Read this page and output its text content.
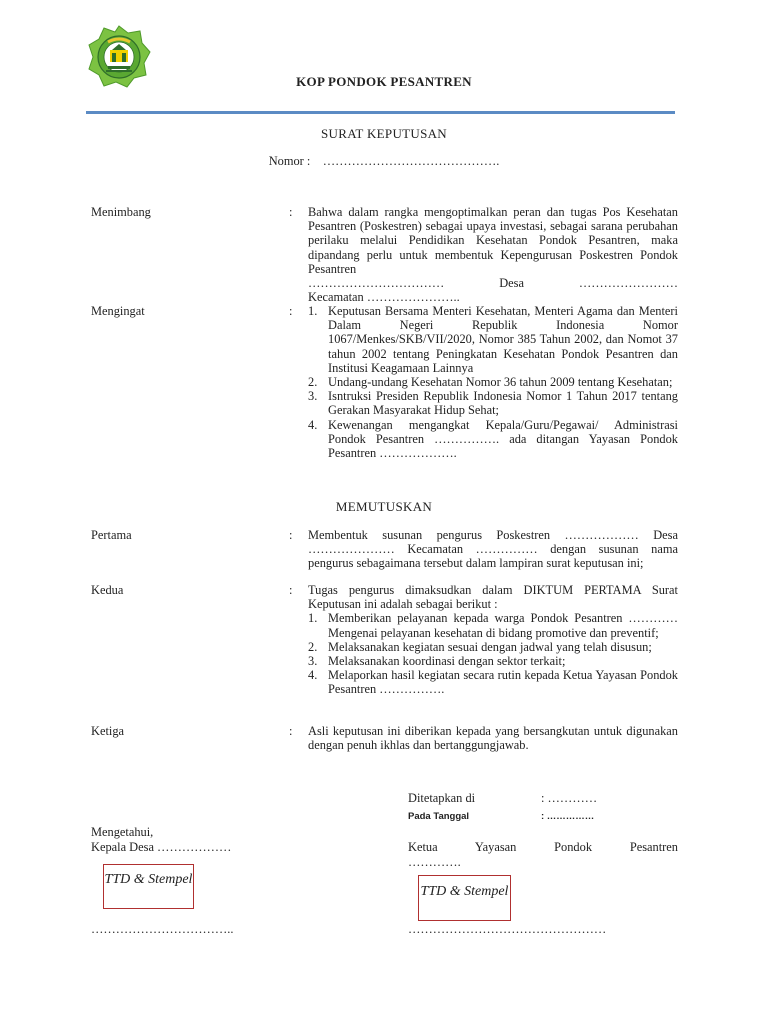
KOP PONDOK PESANTREN
SURAT KEPUTUSAN
Nomor : …………………………………….
Menimbang	: Bahwa dalam rangka mengoptimalkan peran dan tugas Pos Kesehatan Pesantren (Poskestren) sebagai upaya investasi, sebagai sarana perubahan perilaku melalui Pendidikan Kesehatan Pondok Pesantren, maka dipandang perlu untuk membentuk Kepengurusan Poskestren Pondok Pesantren

…………………………… Desa ……………………

Kecamatan …………………..

Mengingat	: 1. Keputusan Bersama Menteri Kesehatan, Menteri Agama dan Menteri Dalam Negeri Republik Indonesia Nomor 1067/Menkes/SKB/VII/2020, Nomor 385 Tahun 2002, dan Nomot 37 tahun 2002 tentang Peningkatan Kesehatan Pondok Pesantren dan Institusi Keagamaan Lainnya
2. Undang-undang Kesehatan Nomor 36 tahun 2009 tentang Kesehatan;
3. Isntruksi Presiden Republik Indonesia Nomor 1 Tahun 2017 tentang Gerakan Masyarakat Hidup Sehat;
4. Kewenangan mengangkat Kepala/Guru/Pegawai/ Administrasi Pondok Pesantren ……………. ada ditangan Yayasan Pondok Pesantren ……………….
MEMUTUSKAN
Pertama	: Membentuk susunan pengurus Poskestren ……………… Desa ………………… Kecamatan …………… dengan susunan nama pengurus sebagaimana tersebut dalam lampiran surat keputusan ini;
Kedua	: Tugas pengurus dimaksudkan dalam DIKTUM PERTAMA Surat Keputusan ini adalah sebagai berikut :

1. Memberikan pelayanan kepada warga Pondok Pesantren ………… Mengenai pelayanan kesehatan di bidang promotive dan preventif;
2. Melaksanakan kegiatan sesuai dengan jadwal yang telah disusun;
3. Melaksanakan koordinasi dengan sektor terkait;
4. Melaporkan hasil kegiatan secara rutin kepada Ketua Yayasan Pondok Pesantren …………….
Ketiga	: Asli keputusan ini diberikan kepada yang bersangkutan untuk digunakan dengan penuh ikhlas dan bertanggungjawab.
Ditetapkan di	: …………
Pada Tanggal	: ……………
Mengetahui,
Kepala Desa ………………	Ketua Yayasan Pondok Pesantren
………….
TTD & Stempel
TTD & Stempel
……………………………..	…………………………………………
